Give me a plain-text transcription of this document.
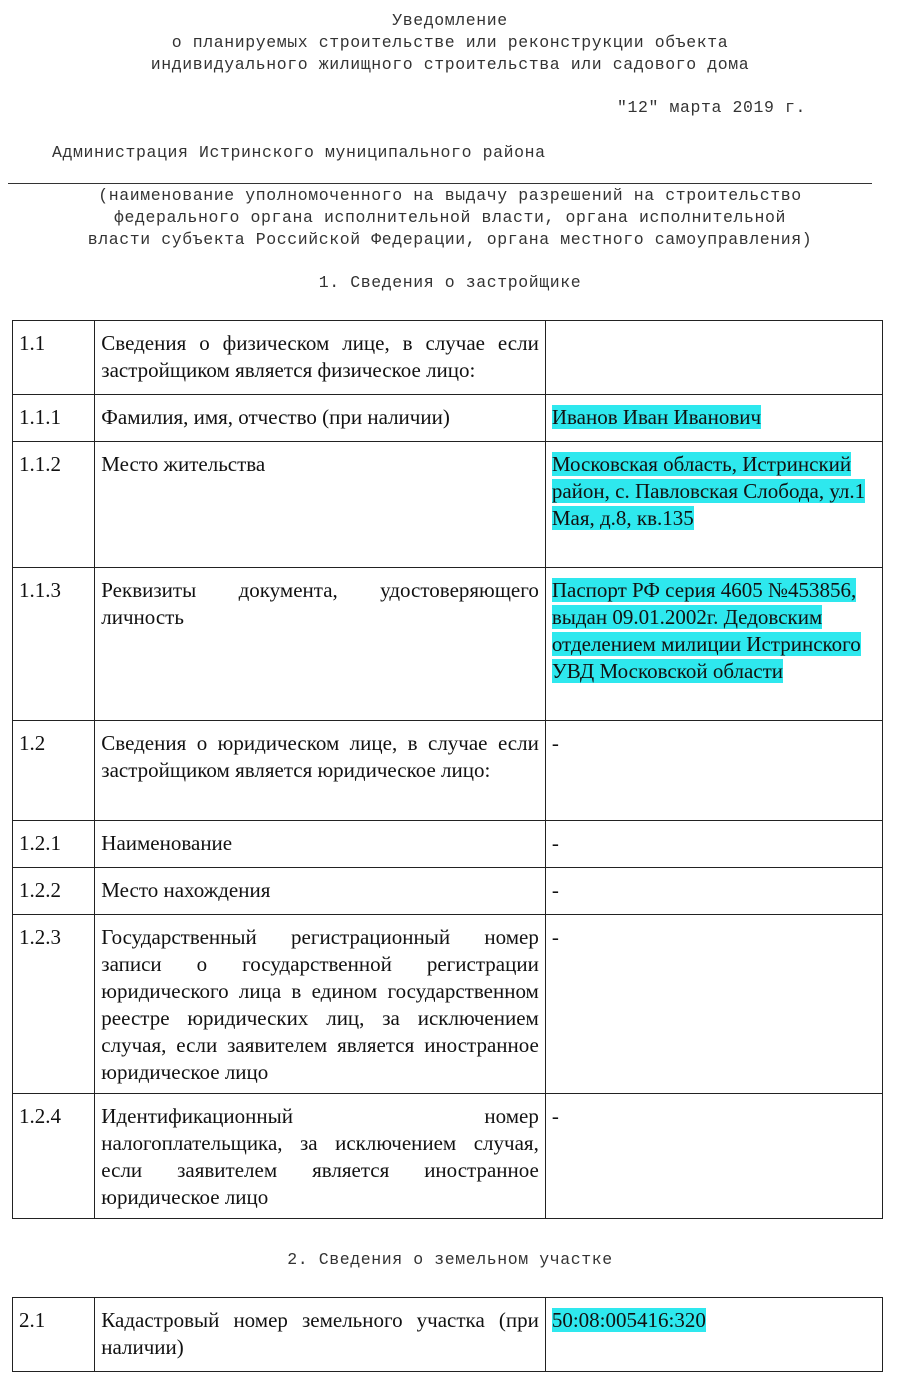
Уведомление
о планируемых строительстве или реконструкции объекта
индивидуального жилищного строительства или садового дома
"12" марта 2019 г.
Администрация Истринского муниципального района
(наименование уполномоченного на выдачу разрешений на строительство
федерального органа исполнительной власти, органа исполнительной
власти субъекта Российской Федерации, органа местного самоуправления)
1. Сведения о застройщике
1.1	Сведения о физическом лице, в случае если застройщиком является физическое лицо:	
1.1.1	Фамилия, имя, отчество (при наличии)	Иванов Иван Иванович
1.1.2	Место жительства	Московская область, Истринский район, с. Павловская Слобода, ул.1 Мая, д.8, кв.135
1.1.3	Реквизиты документа, удостоверяющего личность	Паспорт РФ серия 4605 №453856, выдан 09.01.2002г. Дедовским отделением милиции Истринского УВД Московской области
1.2	Сведения о юридическом лице, в случае если застройщиком является юридическое лицо:	-
1.2.1	Наименование	-
1.2.2	Место нахождения	-
1.2.3	Государственный регистрационный номер записи о государственной регистрации юридического лица в едином государственном реестре юридических лиц, за исключением случая, если заявителем является иностранное юридическое лицо	-
1.2.4	Идентификационный номер налогоплательщика, за исключением случая, если заявителем является иностранное юридическое лицо	-
2. Сведения о земельном участке
2.1	Кадастровый номер земельного участка (при наличии)	50:08:005416:320
